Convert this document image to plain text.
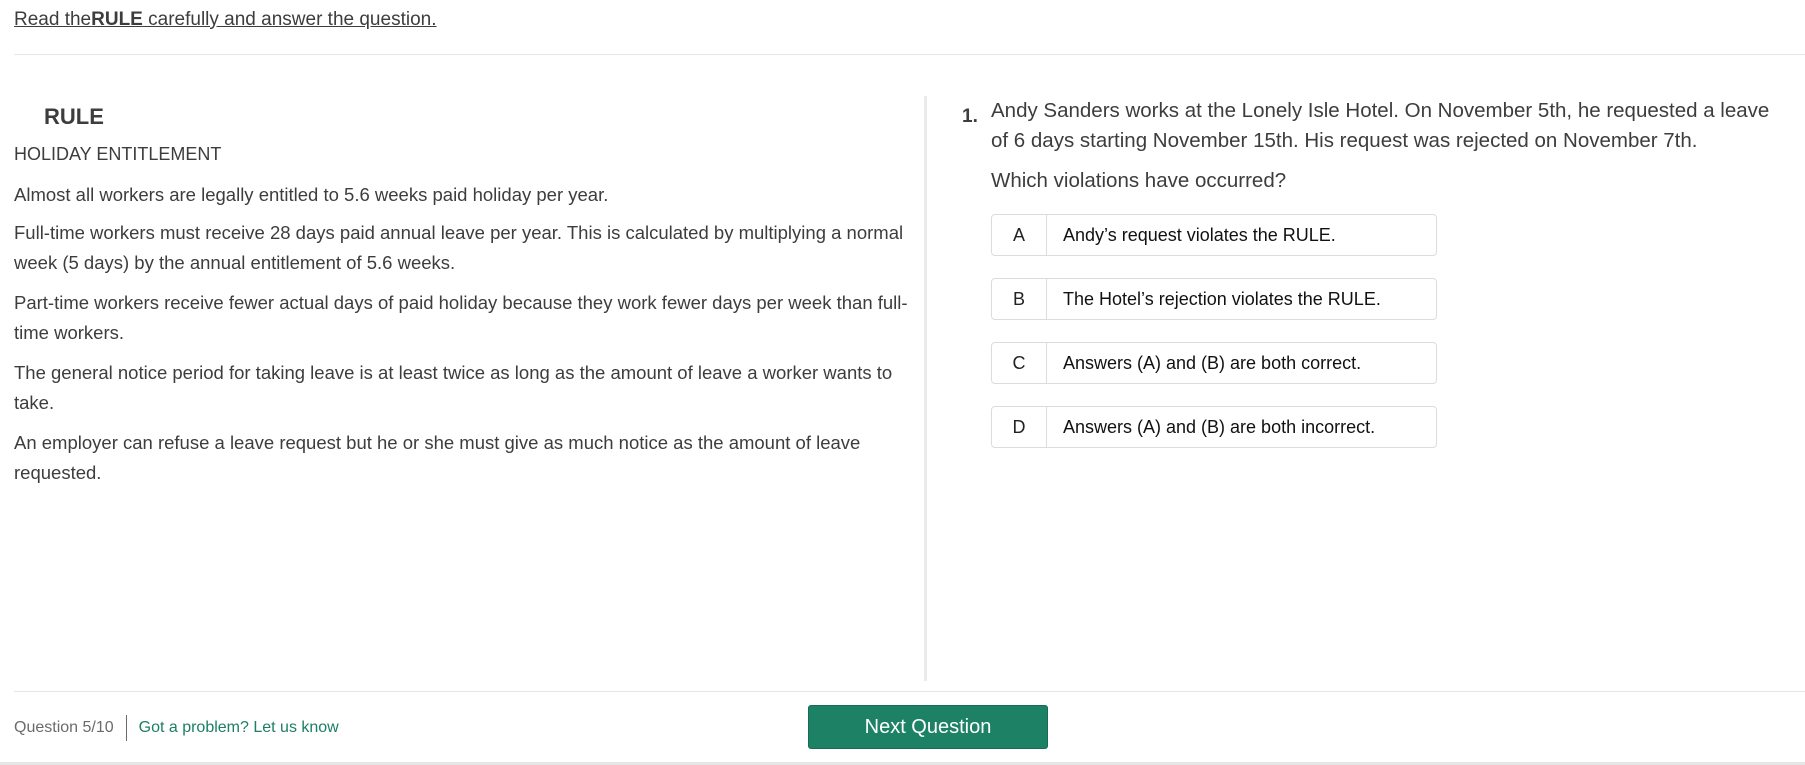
Read theRULE carefully and answer the question.
RULE
HOLIDAY ENTITLEMENT

Almost all workers are legally entitled to 5.6 weeks paid holiday per year.

Full-time workers must receive 28 days paid annual leave per year. This is calculated by multiplying a normal week (5 days) by the annual entitlement of 5.6 weeks.

Part-time workers receive fewer actual days of paid holiday because they work fewer days per week than full-time workers.

The general notice period for taking leave is at least twice as long as the amount of leave a worker wants to take.

An employer can refuse a leave request but he or she must give as much notice as the amount of leave requested.

1. Andy Sanders works at the Lonely Isle Hotel. On November 5th, he requested a leave of 6 days starting November 15th. His request was rejected on November 7th.
Which violations have occurred?
A	Andy’s request violates the RULE.
B	The Hotel’s rejection violates the RULE.
C	Answers (A) and (B) are both correct.
D	Answers (A) and (B) are both incorrect.
Question 5/10 Got a problem? Let us know	Next Question
